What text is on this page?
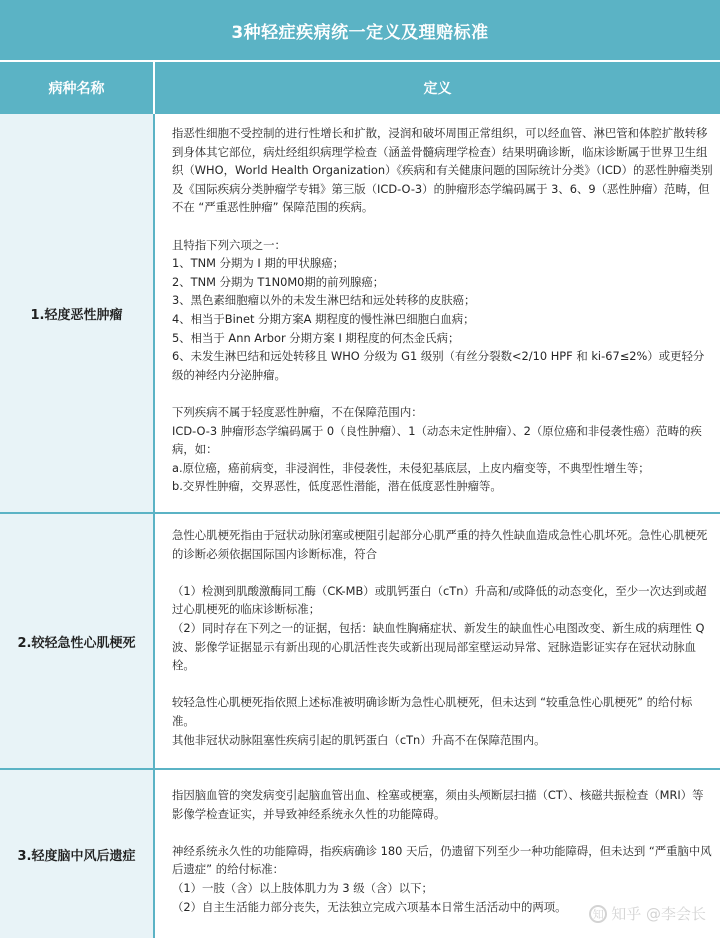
3种轻症疾病统一定义及理赔标准
病种名称	定义
1.轻度恶性肿瘤

指恶性细胞不受控制的进行性增长和扩散，浸润和破坏周围正常组织，可以经血管、淋巴管和体腔扩散转移到身体其它部位，病灶经组织病理学检查（涵盖骨髓病理学检查）结果明确诊断，临床诊断属于世界卫生组织（WHO，World Health Organization）《疾病和有关健康问题的国际统计分类》（ICD）的恶性肿瘤类别及《国际疾病分类肿瘤学专辑》第三版（ICD-O-3）的肿瘤形态学编码属于 3、6、9（恶性肿瘤）范畴，但不在 “严重恶性肿瘤” 保障范围的疾病。

且特指下列六项之一：

1、TNM 分期为 I 期的甲状腺癌；

2、TNM 分期为 T1N0M0期的前列腺癌；

3、黑色素细胞瘤以外的未发生淋巴结和远处转移的皮肤癌；

4、相当于Binet 分期方案A 期程度的慢性淋巴细胞白血病；

5、相当于 Ann Arbor 分期方案 I 期程度的何杰金氏病；

6、未发生淋巴结和远处转移且 WHO 分级为 G1 级别（有丝分裂数<2/10 HPF 和 ki-67≤2%）或更轻分级的神经内分泌肿瘤。

下列疾病不属于轻度恶性肿瘤，不在保障范围内：

ICD-O-3 肿瘤形态学编码属于 0（良性肿瘤）、1（动态未定性肿瘤）、2（原位癌和非侵袭性癌）范畴的疾病，如：

a.原位癌，癌前病变，非浸润性，非侵袭性，未侵犯基底层，上皮内瘤变等，不典型性增生等；

b.交界性肿瘤，交界恶性，低度恶性潜能，潜在低度恶性肿瘤等。

2.较轻急性心肌梗死

急性心肌梗死指由于冠状动脉闭塞或梗阻引起部分心肌严重的持久性缺血造成急性心肌坏死。急性心肌梗死的诊断必须依据国际国内诊断标准，符合

（1）检测到肌酸激酶同工酶（CK-MB）或肌钙蛋白（cTn）升高和/或降低的动态变化，至少一次达到或超过心肌梗死的临床诊断标准；

（2）同时存在下列之一的证据，包括：缺血性胸痛症状、新发生的缺血性心电图改变、新生成的病理性 Q 波、影像学证据显示有新出现的心肌活性丧失或新出现局部室壁运动异常、冠脉造影证实存在冠状动脉血栓。

较轻急性心肌梗死指依照上述标准被明确诊断为急性心肌梗死，但未达到 “较重急性心肌梗死” 的给付标准。

其他非冠状动脉阻塞性疾病引起的肌钙蛋白（cTn）升高不在保障范围内。

3.轻度脑中风后遗症

指因脑血管的突发病变引起脑血管出血、栓塞或梗塞，须由头颅断层扫描（CT）、核磁共振检查（MRI）等影像学检查证实，并导致神经系统永久性的功能障碍。

神经系统永久性的功能障碍，指疾病确诊 180 天后，仍遗留下列至少一种功能障碍，但未达到 “严重脑中风后遗症” 的给付标准：

（1）一肢（含）以上肢体肌力为 3 级（含）以下；

（2）自主生活能力部分丧失，无法独立完成六项基本日常生活活动中的两项。

知 知乎 @李会长
